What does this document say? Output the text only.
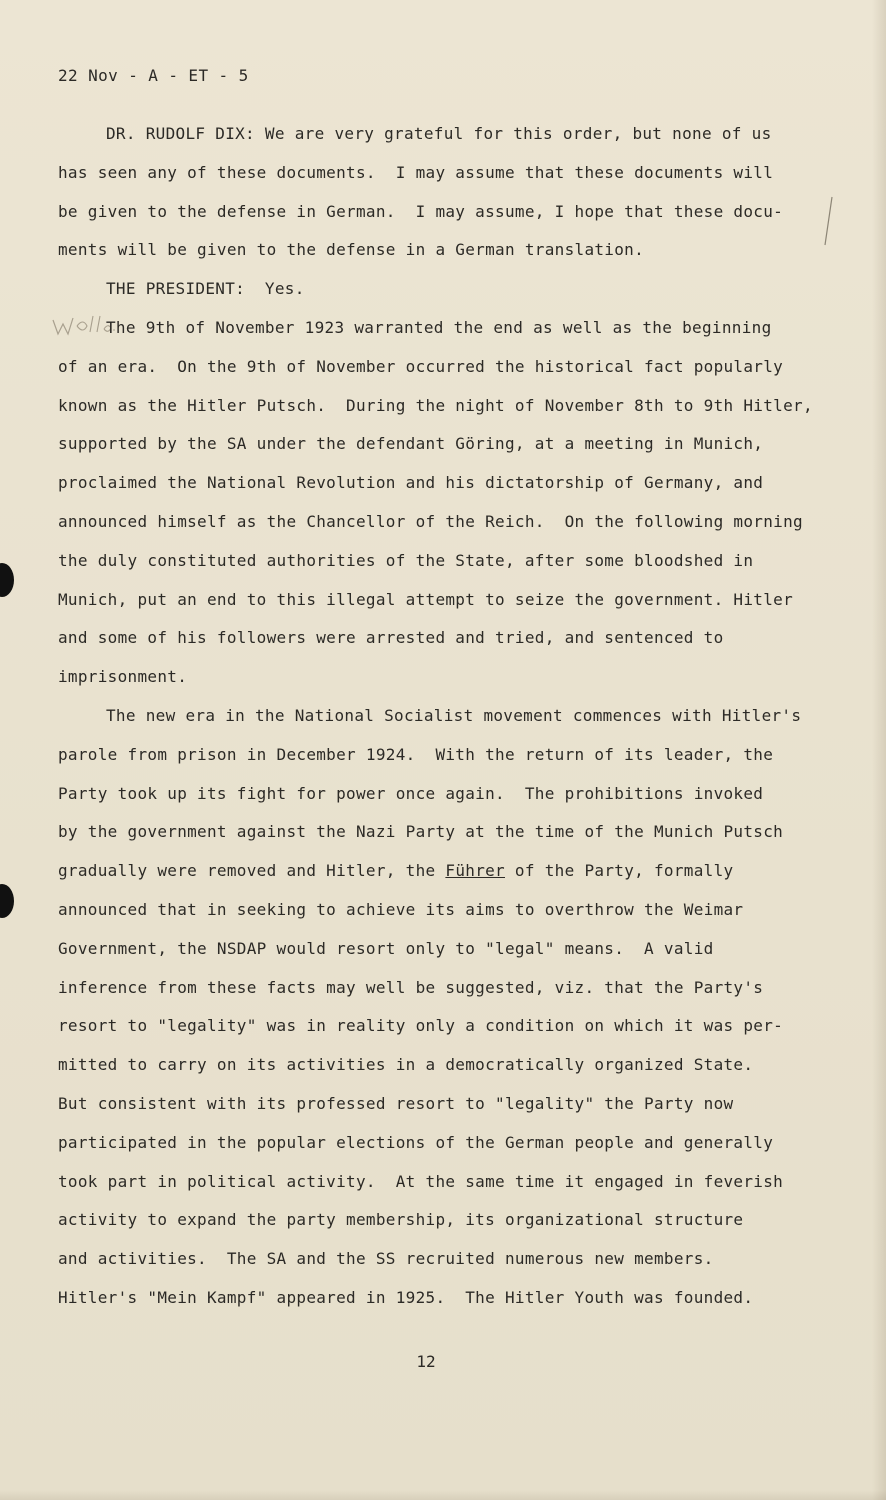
22 Nov - A - ET - 5
DR. RUDOLF DIX: We are very grateful for this order, but none of us
has seen any of these documents.  I may assume that these documents will
be given to the defense in German.  I may assume, I hope that these docu-
ments will be given to the defense in a German translation.
THE PRESIDENT:  Yes.
The 9th of November 1923 warranted the end as well as the beginning
of an era.  On the 9th of November occurred the historical fact popularly
known as the Hitler Putsch.  During the night of November 8th to 9th Hitler,
supported by the SA under the defendant Göring, at a meeting in Munich,
proclaimed the National Revolution and his dictatorship of Germany, and
announced himself as the Chancellor of the Reich.  On the following morning
the duly constituted authorities of the State, after some bloodshed in
Munich, put an end to this illegal attempt to seize the government. Hitler
and some of his followers were arrested and tried, and sentenced to
imprisonment.
The new era in the National Socialist movement commences with Hitler's
parole from prison in December 1924.  With the return of its leader, the
Party took up its fight for power once again.  The prohibitions invoked
by the government against the Nazi Party at the time of the Munich Putsch
gradually were removed and Hitler, the Führer of the Party, formally
announced that in seeking to achieve its aims to overthrow the Weimar
Government, the NSDAP would resort only to "legal" means.  A valid
inference from these facts may well be suggested, viz. that the Party's
resort to "legality" was in reality only a condition on which it was per-
mitted to carry on its activities in a democratically organized State.
But consistent with its professed resort to "legality" the Party now
participated in the popular elections of the German people and generally
took part in political activity.  At the same time it engaged in feverish
activity to expand the party membership, its organizational structure
and activities.  The SA and the SS recruited numerous new members.
Hitler's "Mein Kampf" appeared in 1925.  The Hitler Youth was founded.
12
